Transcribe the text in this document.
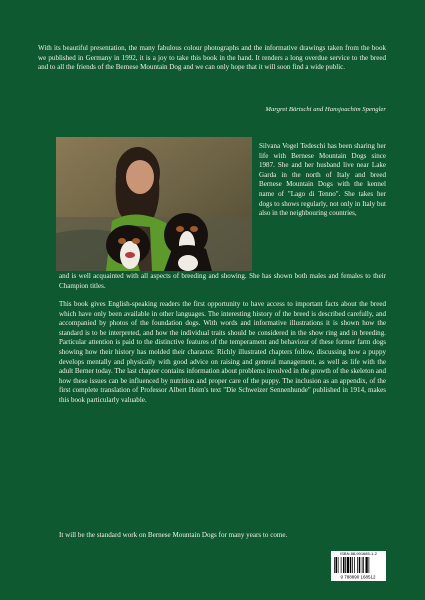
With its beautiful presentation, the many fabulous colour photographs and the informative drawings taken from the book we published in Germany in 1992, it is a joy to take this book in the hand. It renders a long overdue service to the breed and to all the friends of the Bernese Mountain Dog and we can only hope that it will soon find a wide public.

Margret Bärtschi and Hansjoachim Spengler

Silvana Vogel Tedeschi has been sharing her life with Bernese Mountain Dogs since 1987. She and her husband live near Lake Garda in the north of Italy and breed Bernese Mountain Dogs with the kennel name of "Lago di Tenno". She takes her dogs to shows regularly, not only in Italy but also in the neighbouring countries,

and is well acquainted with all aspects of breeding and showing. She has shown both males and females to their Champion titles.

This book gives English-speaking readers the first opportunity to have access to important facts about the breed which have only been available in other languages. The interesting history of the breed is described carefully, and accompanied by photos of the foundation dogs. With words and informative illustrations it is shown how the standard is to be interpreted, and how the individual traits should be considered in the show ring and in breeding. Particular attention is paid to the distinctive features of the temperament and behaviour of these former farm dogs showing how their history has molded their character. Richly illustrated chapters follow, discussing how a puppy develops mentally and physically with good advice on raising and general management, as well as life with the adult Berner today. The last chapter contains information about problems involved in the growth of the skeleton and how these issues can be influenced by nutrition and proper care of the puppy. The inclusion as an appendix, of the first complete translation of Professor Albert Heim's text "Die Schweizer Sennenhunde" published in 1914, makes this book particularly valuable.

It will be the standard work on Bernese Mountain Dogs for many years to come.

ISBN 88-901685-1-2
9 788890 168512
